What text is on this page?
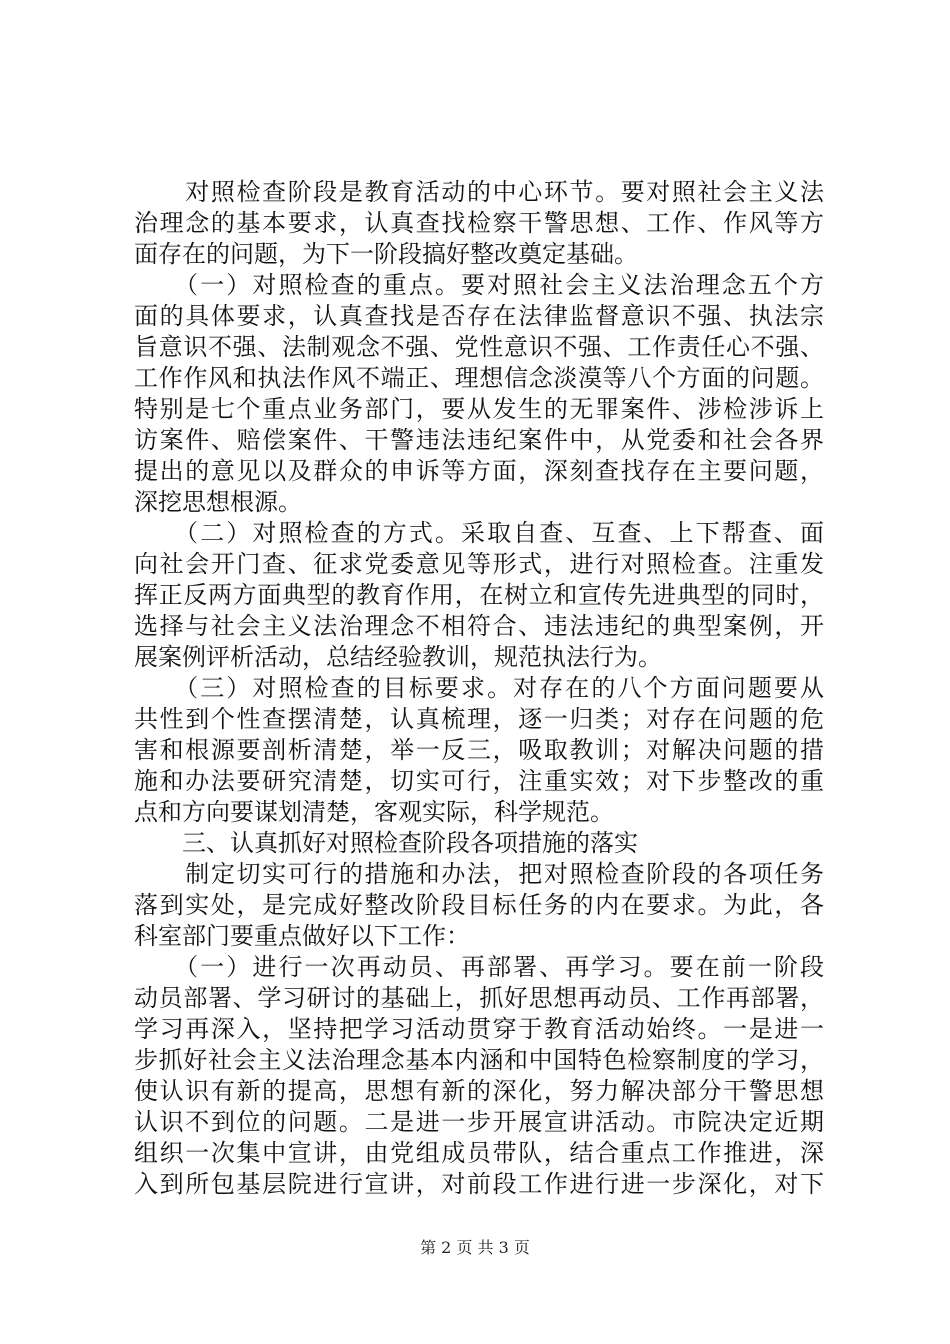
　　对照检查阶段是教育活动的中心环节。要对照社会主义法
治理念的基本要求，认真查找检察干警思想、工作、作风等方
面存在的问题，为下一阶段搞好整改奠定基础。
　　（一）对照检查的重点。要对照社会主义法治理念五个方
面的具体要求，认真查找是否存在法律监督意识不强、执法宗
旨意识不强、法制观念不强、党性意识不强、工作责任心不强、
工作作风和执法作风不端正、理想信念淡漠等八个方面的问题。
特别是七个重点业务部门，要从发生的无罪案件、涉检涉诉上
访案件、赔偿案件、干警违法违纪案件中，从党委和社会各界
提出的意见以及群众的申诉等方面，深刻查找存在主要问题，
深挖思想根源。
　　（二）对照检查的方式。采取自查、互查、上下帮查、面
向社会开门查、征求党委意见等形式，进行对照检查。注重发
挥正反两方面典型的教育作用，在树立和宣传先进典型的同时，
选择与社会主义法治理念不相符合、违法违纪的典型案例，开
展案例评析活动，总结经验教训，规范执法行为。
　　（三）对照检查的目标要求。对存在的八个方面问题要从
共性到个性查摆清楚，认真梳理，逐一归类；对存在问题的危
害和根源要剖析清楚，举一反三，吸取教训；对解决问题的措
施和办法要研究清楚，切实可行，注重实效；对下步整改的重
点和方向要谋划清楚，客观实际，科学规范。
　　三、认真抓好对照检查阶段各项措施的落实
　　制定切实可行的措施和办法，把对照检查阶段的各项任务
落到实处，是完成好整改阶段目标任务的内在要求。为此，各
科室部门要重点做好以下工作：
　　（一）进行一次再动员、再部署、再学习。要在前一阶段
动员部署、学习研讨的基础上，抓好思想再动员、工作再部署，
学习再深入，坚持把学习活动贯穿于教育活动始终。一是进一
步抓好社会主义法治理念基本内涵和中国特色检察制度的学习，
使认识有新的提高，思想有新的深化，努力解决部分干警思想
认识不到位的问题。二是进一步开展宣讲活动。市院决定近期
组织一次集中宣讲，由党组成员带队，结合重点工作推进，深
入到所包基层院进行宣讲，对前段工作进行进一步深化，对下
第 2 页 共 3 页
